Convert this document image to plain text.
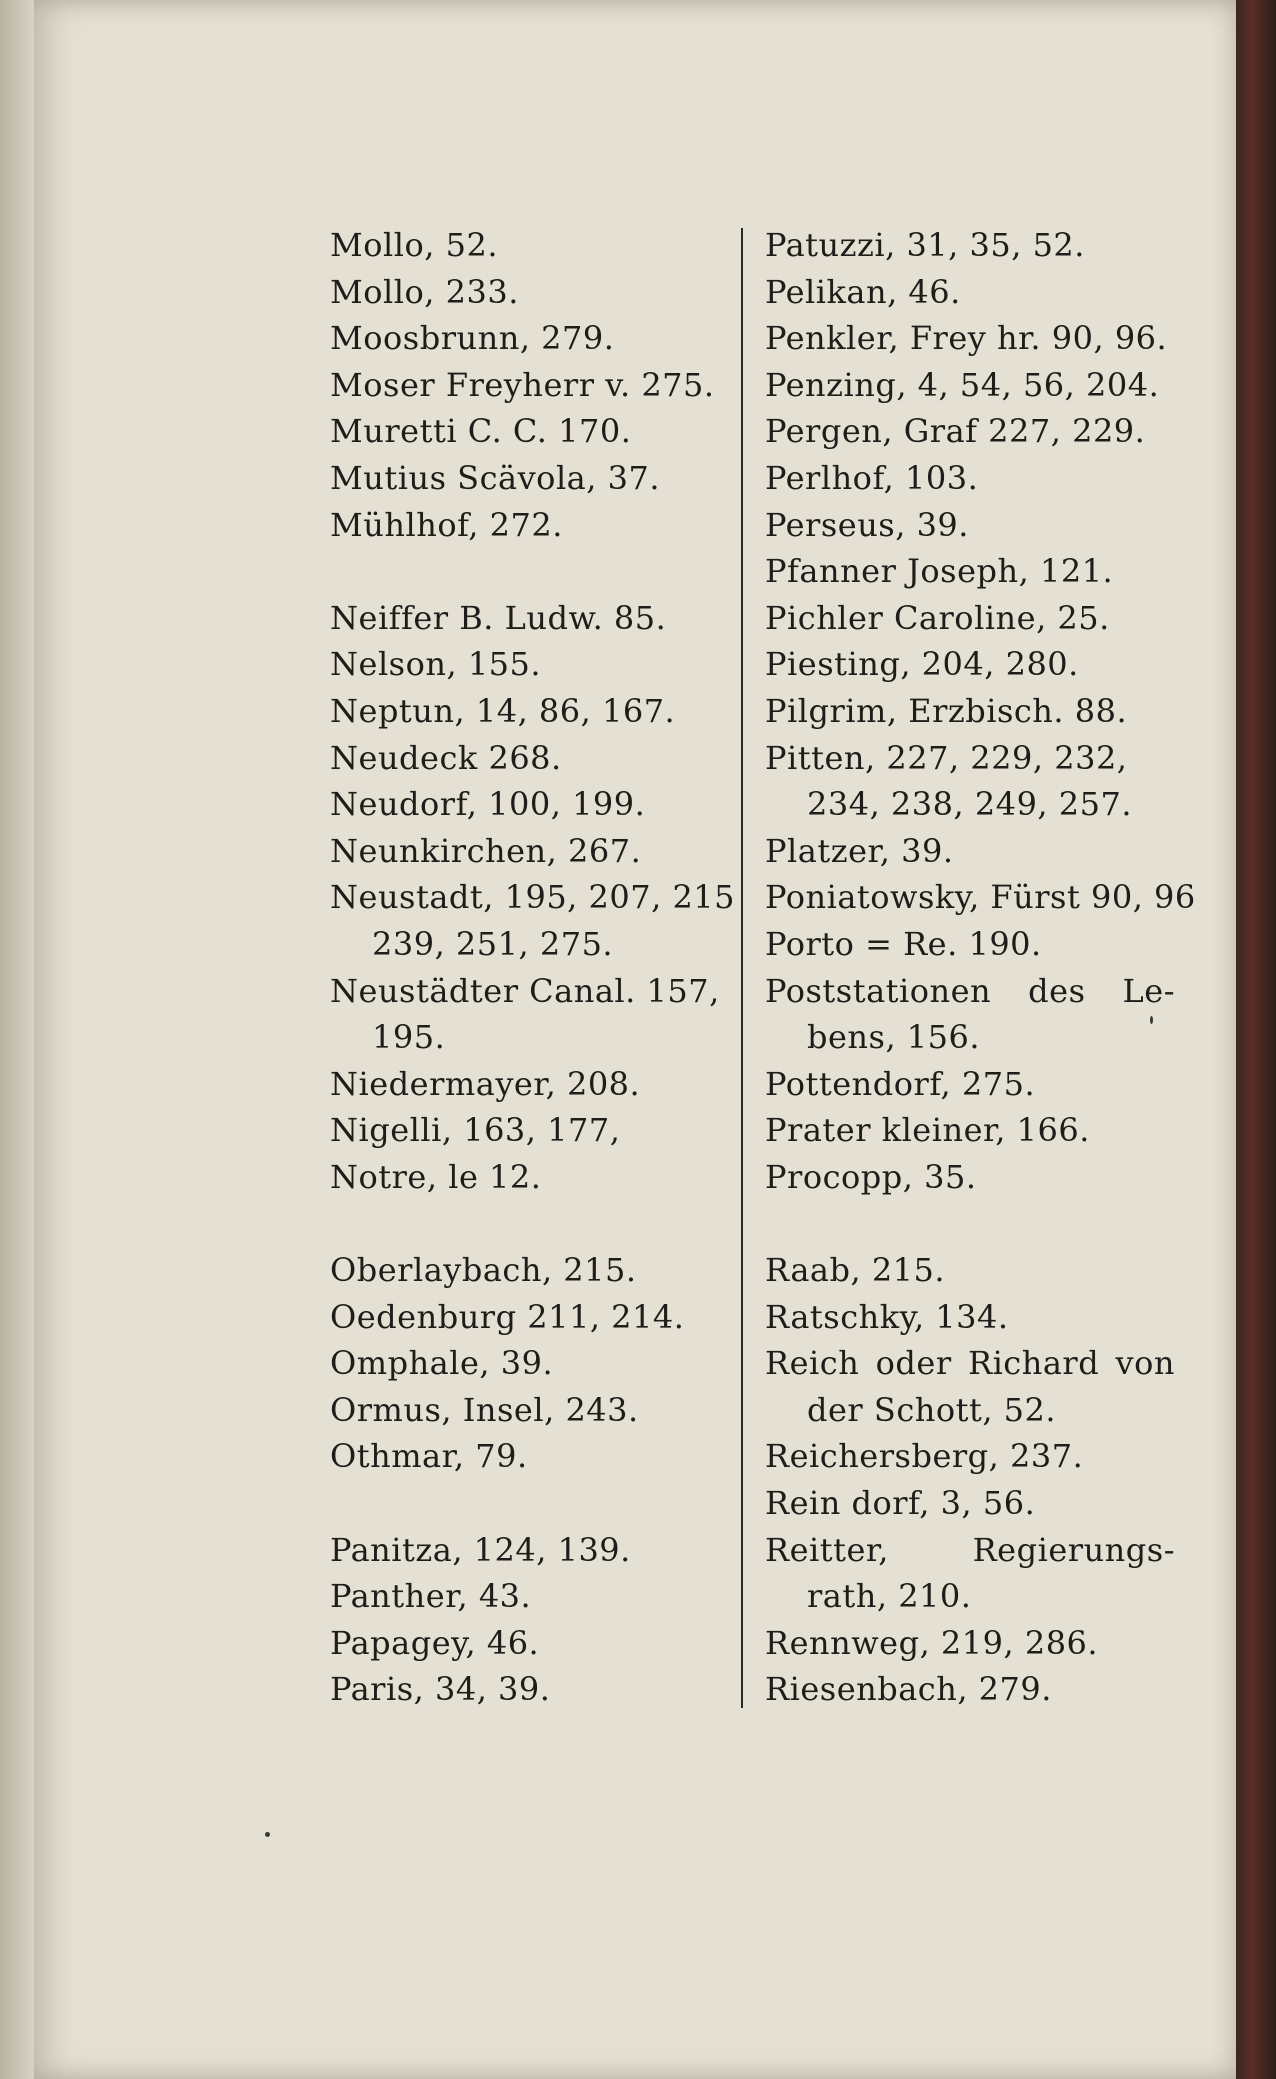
Mollo, 52.
Mollo, 233.
Moosbrunn, 279.
Moser Freyherr v. 275.
Muretti C. C. 170.
Mutius Scävola, 37.
Mühlhof, 272.
Neiffer B. Ludw. 85.
Nelson, 155.
Neptun, 14, 86, 167.
Neudeck 268.
Neudorf, 100, 199.
Neunkirchen, 267.
Neustadt, 195, 207, 215
239, 251, 275.
Neustädter Canal. 157,
195.
Niedermayer, 208.
Nigelli, 163, 177,
Notre, le 12.
Oberlaybach, 215.
Oedenburg 211, 214.
Omphale, 39.
Ormus, Insel, 243.
Othmar, 79.
Panitza, 124, 139.
Panther, 43.
Papagey, 46.
Paris, 34, 39.
Patuzzi, 31, 35, 52.
Pelikan, 46.
Penkler, Frey hr. 90, 96.
Penzing, 4, 54, 56, 204.
Pergen, Graf 227, 229.
Perlhof, 103.
Perseus, 39.
Pfanner Joseph, 121.
Pichler Caroline, 25.
Piesting, 204, 280.
Pilgrim, Erzbisch. 88.
Pitten, 227, 229, 232,
234, 238, 249, 257.
Platzer, 39.
Poniatowsky, Fürst 90, 96
Porto = Re. 190.
Poststationen des Le-
bens, 156.
Pottendorf, 275.
Prater kleiner, 166.
Procopp, 35.
Raab, 215.
Ratschky, 134.
Reich oder Richard von
der Schott, 52.
Reichersberg, 237.
Rein dorf, 3, 56.
Reitter,	Regierungs-
rath, 210.
Rennweg, 219, 286.
Riesenbach, 279.
